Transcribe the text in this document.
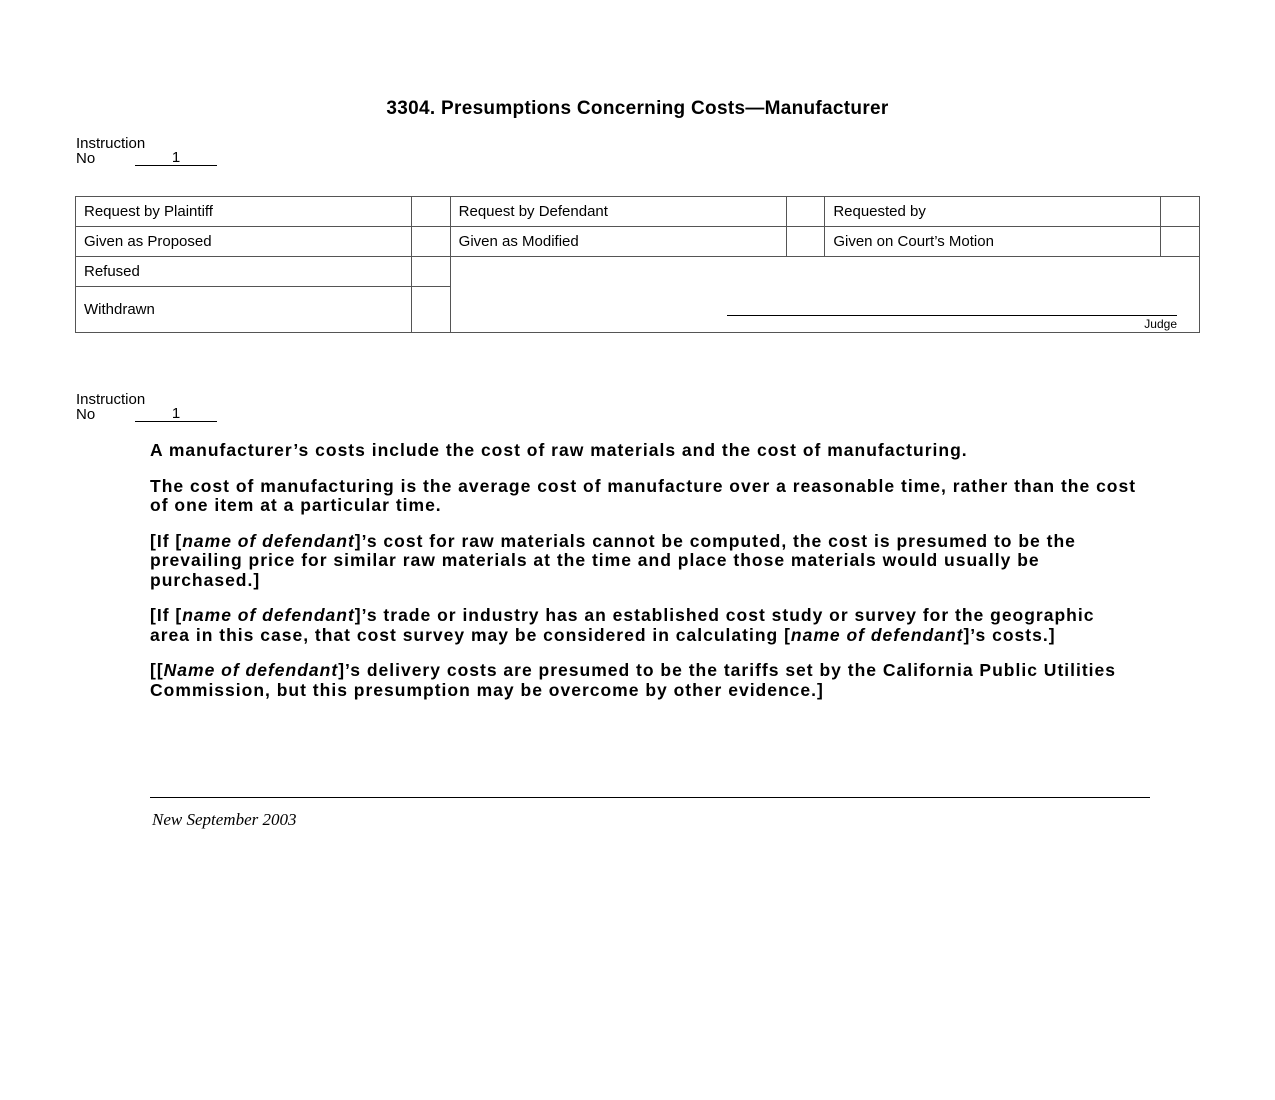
3304. Presumptions Concerning Costs—Manufacturer
Instruction
No	1
Request by Plaintiff		Request by Defendant		Requested by	
Given as Proposed		Given as Modified		Given on Court’s Motion	
Refused		Judge			

Withdrawn					
Instruction
No	1

A manufacturer’s costs include the cost of raw materials and the cost of manufacturing.

The cost of manufacturing is the average cost of manufacture over a reasonable time, rather than the cost of one item at a particular time.

[If [name of defendant]’s cost for raw materials cannot be computed, the cost is presumed to be the prevailing price for similar raw materials at the time and place those materials would usually be purchased.]

[If [name of defendant]’s trade or industry has an established cost study or survey for the geographic area in this case, that cost survey may be considered in calculating [name of defendant]’s costs.]

[[Name of defendant]’s delivery costs are presumed to be the tariffs set by the California Public Utilities Commission, but this presumption may be overcome by other evidence.]

New September 2003
